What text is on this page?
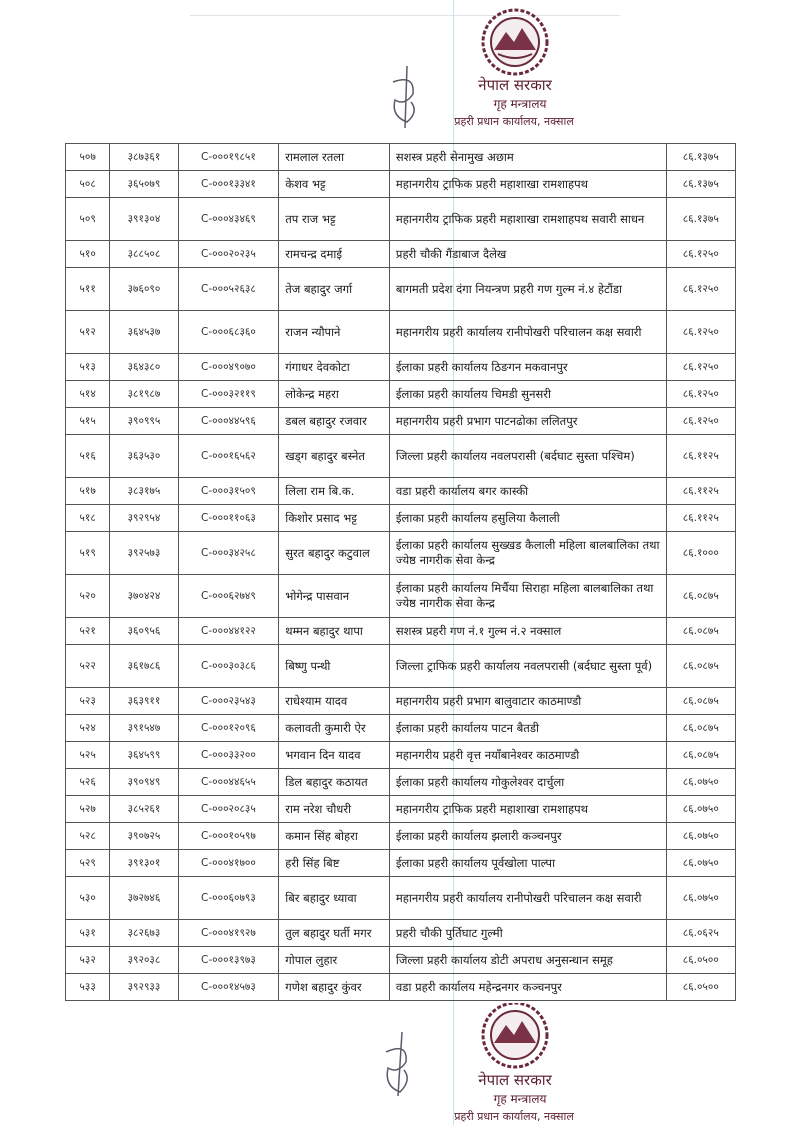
नेपाल सरकार
गृह मन्त्रालय
प्रहरी प्रधान कार्यालय, नक्साल
५०७	३८७३६१	C-०००१९८५१	रामलाल रतला	सशस्त्र प्रहरी सेनामुख अछाम	८६.१३७५
५०८	३६५०७९	C-०००१३३४१	केशव भट्ट	महानगरीय ट्राफिक प्रहरी महाशाखा रामशाहपथ	८६.१३७५
५०९	३९१३०४	C-०००४३४६९	तप राज भट्ट	महानगरीय ट्राफिक प्रहरी महाशाखा रामशाहपथ सवारी साधन	८६.१३७५
५१०	३८८५०८	C-०००२०२३५	रामचन्द्र दमाई	प्रहरी चौकी गैंडाबाज दैलेख	८६.१२५०
५११	३७६०९०	C-०००५२६३८	तेज बहादुर जर्गा	बागमती प्रदेश दंगा नियन्त्रण प्रहरी गण गुल्म नं.४ हेटौंडा	८६.१२५०
५१२	३६४५३७	C-०००६८३६०	राजन न्यौपाने	महानगरीय प्रहरी कार्यालय रानीपोखरी परिचालन कक्ष सवारी	८६.१२५०
५१३	३६४३८०	C-०००४९०७०	गंगाधर देवकोटा	ईलाका प्रहरी कार्यालय ठिङगन मकवानपुर	८६.१२५०
५१४	३८१९८७	C-०००३२११९	लोकेन्द्र महरा	ईलाका प्रहरी कार्यालय चिमडी सुनसरी	८६.१२५०
५१५	३९०९९५	C-०००४४५९६	डबल बहादुर रजवार	महानगरीय प्रहरी प्रभाग पाटनढोका ललितपुर	८६.१२५०
५१६	३६३५३०	C-०००१६५६२	खड्ग बहादुर बस्नेत	जिल्ला प्रहरी कार्यालय नवलपरासी (बर्दघाट सुस्ता पश्चिम)	८६.११२५
५१७	३८३१७५	C-०००३१५०९	लिला राम बि.क.	वडा प्रहरी कार्यालय बगर कास्की	८६.११२५
५१८	३९२९५४	C-०००११०६३	किशोर प्रसाद भट्ट	ईलाका प्रहरी कार्यालय हसुलिया कैलाली	८६.११२५
५१९	३९२५७३	C-०००३४२५८	सुरत बहादुर कटुवाल	ईलाका प्रहरी कार्यालय सुख्खड कैलाली महिला बालबालिका तथा ज्येष्ठ नागरीक सेवा केन्द्र	८६.१०००
५२०	३७०४२४	C-०००६२७४९	भोगेन्द्र पासवान	ईलाका प्रहरी कार्यालय मिर्चैया सिराहा महिला बालबालिका तथा ज्येष्ठ नागरीक सेवा केन्द्र	८६.०८७५
५२१	३६०९५६	C-०००४४१२२	थम्मन बहादुर थापा	सशस्त्र प्रहरी गण नं.१ गुल्म नं.२ नक्साल	८६.०८७५
५२२	३६१७८६	C-०००३०३८६	बिष्णु पन्थी	जिल्ला ट्राफिक प्रहरी कार्यालय नवलपरासी (बर्दघाट सुस्ता पूर्व)	८६.०८७५
५२३	३६३९११	C-०००२३५४३	राधेश्याम यादव	महानगरीय प्रहरी प्रभाग बालुवाटार काठमाण्डौ	८६.०८७५
५२४	३९१५४७	C-०००१२०९६	कलावती कुमारी ऐर	ईलाका प्रहरी कार्यालय पाटन बैतडी	८६.०८७५
५२५	३६४५९९	C-०००३३२००	भगवान दिन यादव	महानगरीय प्रहरी वृत्त नयाँबानेश्वर काठमाण्डौ	८६.०८७५
५२६	३९०९४९	C-०००४४६५५	डिल बहादुर कठायत	ईलाका प्रहरी कार्यालय गोकुलेश्वर दार्चुला	८६.०७५०
५२७	३८५२६१	C-०००२०८३५	राम नरेश चौधरी	महानगरीय ट्राफिक प्रहरी महाशाखा रामशाहपथ	८६.०७५०
५२८	३९०७२५	C-०००१०५९७	कमान सिंह बोहरा	ईलाका प्रहरी कार्यालय झलारी कञ्चनपुर	८६.०७५०
५२९	३९१३०१	C-०००४१७००	हरी सिंह बिष्ट	ईलाका प्रहरी कार्यालय पूर्वखोला पाल्पा	८६.०७५०
५३०	३७२७४६	C-०००६०७९३	बिर बहादुर ध्यावा	महानगरीय प्रहरी कार्यालय रानीपोखरी परिचालन कक्ष सवारी	८६.०७५०
५३१	३८२६७३	C-०००४१९२७	तुल बहादुर घर्ती मगर	प्रहरी चौकी पुर्तिघाट गुल्मी	८६.०६२५
५३२	३९२०३८	C-०००१३९७३	गोपाल लुहार	जिल्ला प्रहरी कार्यालय डोटी अपराध अनुसन्धान समूह	८६.०५००
५३३	३९२९३३	C-०००१४५७३	गणेश बहादुर कुंवर	वडा प्रहरी कार्यालय महेन्द्रनगर कञ्चनपुर	८६.०५००
नेपाल सरकार
गृह मन्त्रालय
प्रहरी प्रधान कार्यालय, नक्साल
